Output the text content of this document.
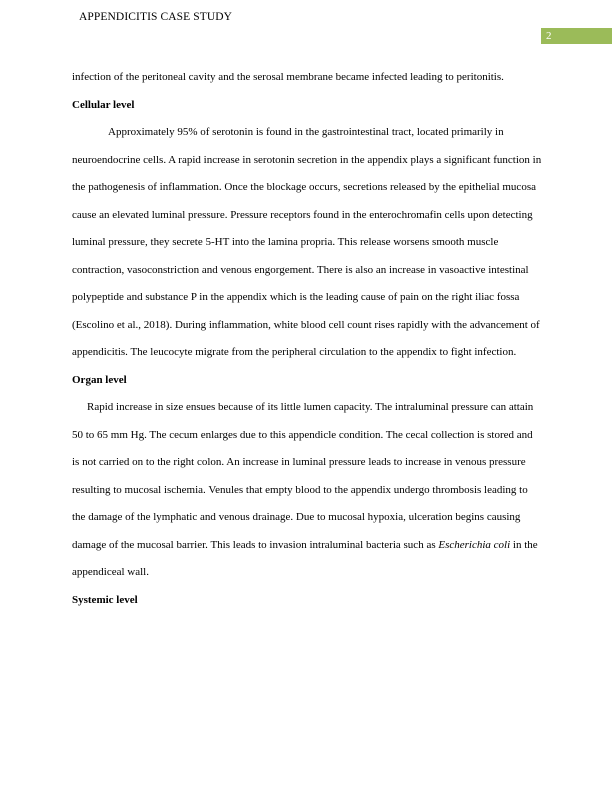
APPENDICITIS CASE STUDY
2

infection of the peritoneal cavity and the serosal membrane became infected leading to peritonitis.

Cellular level

Approximately 95% of serotonin is found in the gastrointestinal tract, located primarily in neuroendocrine cells. A rapid increase in serotonin secretion in the appendix plays a significant function in the pathogenesis of inflammation. Once the blockage occurs, secretions released by the epithelial mucosa cause an elevated luminal pressure. Pressure receptors found in the enterochromafin cells upon detecting luminal pressure, they secrete 5-HT into the lamina propria. This release worsens smooth muscle contraction, vasoconstriction and venous engorgement. There is also an increase in vasoactive intestinal polypeptide and substance P in the appendix which is the leading cause of pain on the right iliac fossa (Escolino et al., 2018). During inflammation, white blood cell count rises rapidly with the advancement of appendicitis. The leucocyte migrate from the peripheral circulation to the appendix to fight infection.

Organ level

Rapid increase in size ensues because of its little lumen capacity. The intraluminal pressure can attain 50 to 65 mm Hg. The cecum enlarges due to this appendicle condition. The cecal collection is stored and is not carried on to the right colon. An increase in luminal pressure leads to increase in venous pressure resulting to mucosal ischemia. Venules that empty blood to the appendix undergo thrombosis leading to the damage of the lymphatic and venous drainage. Due to mucosal hypoxia, ulceration begins causing damage of the mucosal barrier. This leads to invasion intraluminal bacteria such as Escherichia coli in the appendiceal wall.

Systemic level
